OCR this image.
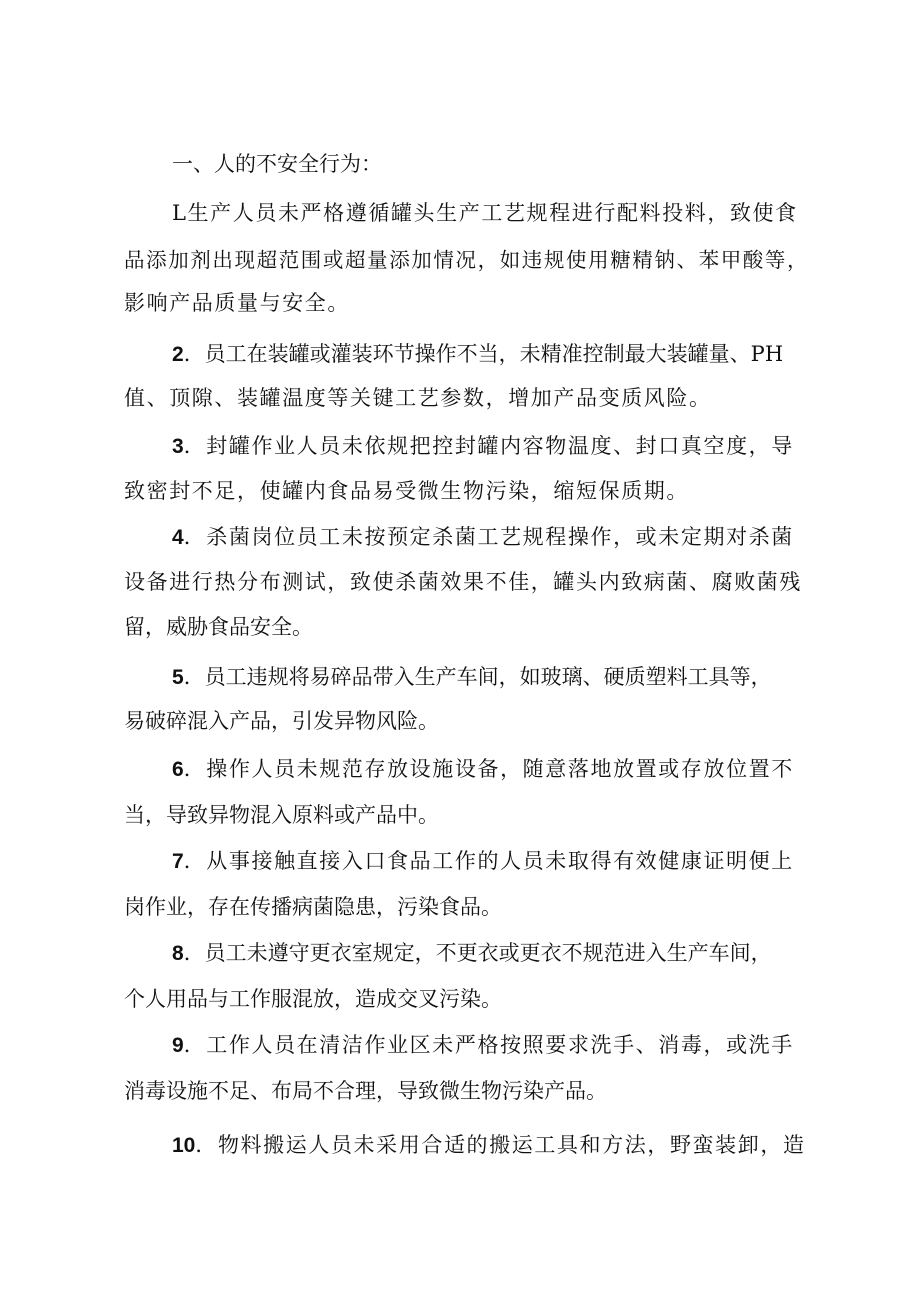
一、人的不安全行为：

L生产人员未严格遵循罐头生产工艺规程进行配料投料，致使食

品添加剂出现超范围或超量添加情况，如违规使用糖精钠、苯甲酸等，

影响产品质量与安全。

2．员工在装罐或灌装环节操作不当，未精准控制最大装罐量、PH

值、顶隙、装罐温度等关键工艺参数，增加产品变质风险。

3．封罐作业人员未依规把控封罐内容物温度、封口真空度，导

致密封不足，使罐内食品易受微生物污染，缩短保质期。

4．杀菌岗位员工未按预定杀菌工艺规程操作，或未定期对杀菌

设备进行热分布测试，致使杀菌效果不佳，罐头内致病菌、腐败菌残

留，威胁食品安全。

5．员工违规将易碎品带入生产车间，如玻璃、硬质塑料工具等，

易破碎混入产品，引发异物风险。

6．操作人员未规范存放设施设备，随意落地放置或存放位置不

当，导致异物混入原料或产品中。

7．从事接触直接入口食品工作的人员未取得有效健康证明便上

岗作业，存在传播病菌隐患，污染食品。

8．员工未遵守更衣室规定，不更衣或更衣不规范进入生产车间，

个人用品与工作服混放，造成交叉污染。

9．工作人员在清洁作业区未严格按照要求洗手、消毒，或洗手

消毒设施不足、布局不合理，导致微生物污染产品。

10．物料搬运人员未采用合适的搬运工具和方法，野蛮装卸，造
